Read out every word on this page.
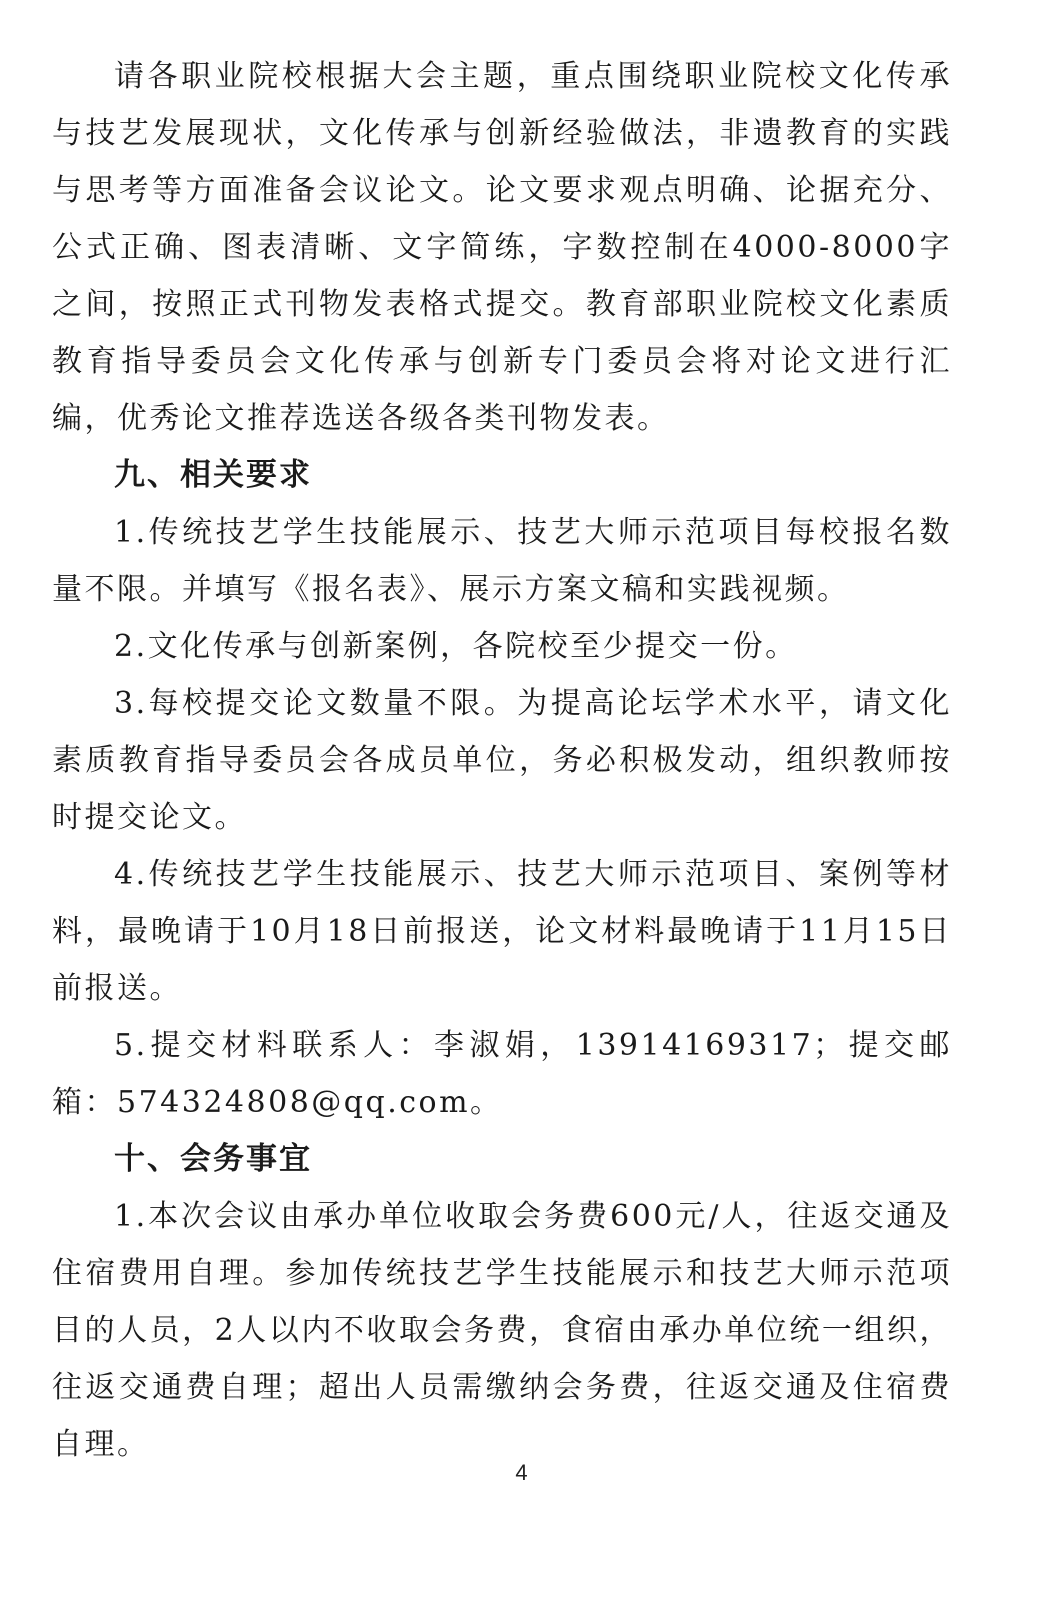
请各职业院校根据大会主题，重点围绕职业院校文化传承与技艺发展现状，文化传承与创新经验做法，非遗教育的实践与思考等方面准备会议论文。论文要求观点明确、论据充分、公式正确、图表清晰、文字简练，字数控制在4000-8000字之间，按照正式刊物发表格式提交。教育部职业院校文化素质教育指导委员会文化传承与创新专门委员会将对论文进行汇编，优秀论文推荐选送各级各类刊物发表。

九、相关要求

1.传统技艺学生技能展示、技艺大师示范项目每校报名数量不限。并填写《报名表》、展示方案文稿和实践视频。

2.文化传承与创新案例，各院校至少提交一份。

3.每校提交论文数量不限。为提高论坛学术水平，请文化素质教育指导委员会各成员单位，务必积极发动，组织教师按时提交论文。

4.传统技艺学生技能展示、技艺大师示范项目、案例等材料，最晚请于10月18日前报送，论文材料最晚请于11月15日前报送。

5.提交材料联系人：李淑娟，13914169317；提交邮箱：574324808@qq.com。

十、会务事宜

1.本次会议由承办单位收取会务费600元/人，往返交通及住宿费用自理。参加传统技艺学生技能展示和技艺大师示范项目的人员，2人以内不收取会务费，食宿由承办单位统一组织，往返交通费自理；超出人员需缴纳会务费，往返交通及住宿费自理。

4
